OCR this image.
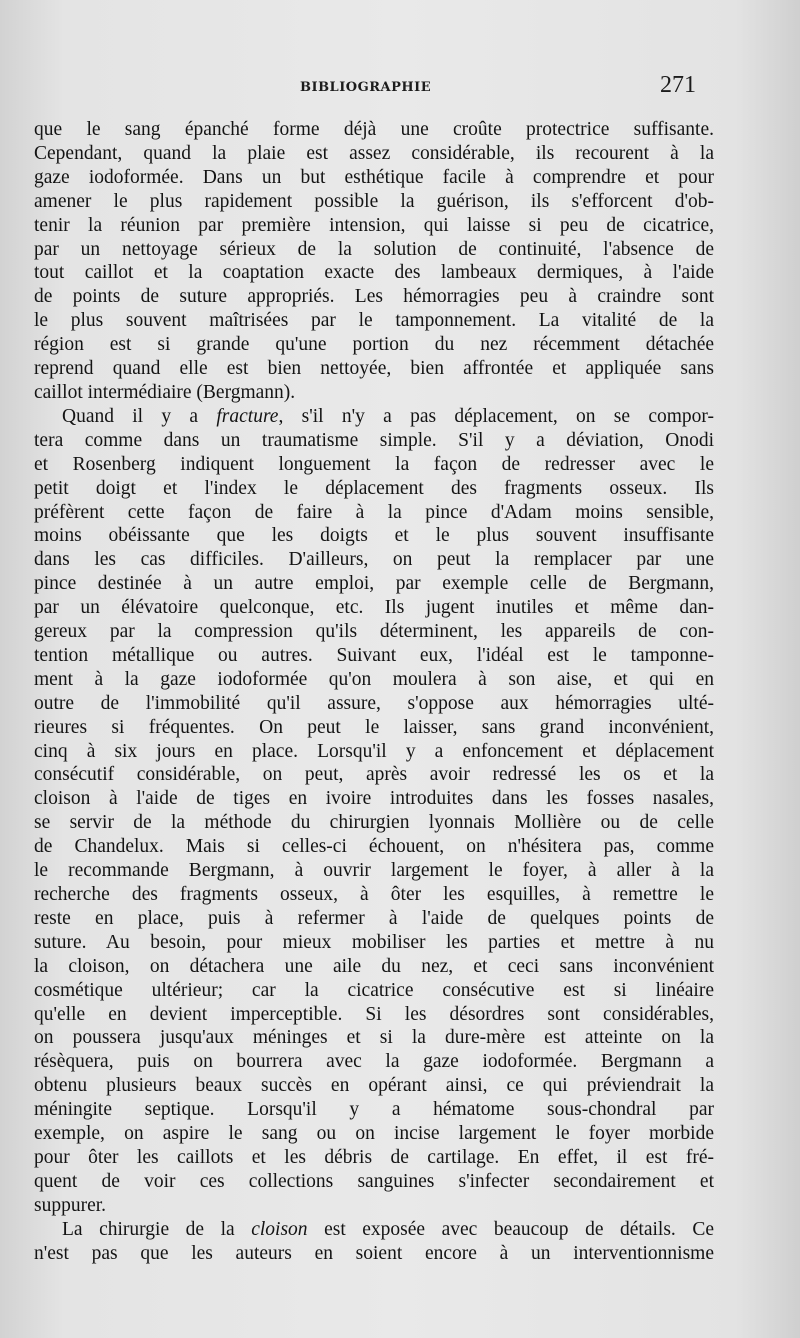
BIBLIOGRAPHIE	271
que le sang épanché forme déjà une croûte protectrice suffisante.
Cependant, quand la plaie est assez considérable, ils recourent à la
gaze iodoformée. Dans un but esthétique facile à comprendre et pour
amener le plus rapidement possible la guérison, ils s'efforcent d'ob-
tenir la réunion par première intension, qui laisse si peu de cicatrice,
par un nettoyage sérieux de la solution de continuité, l'absence de
tout caillot et la coaptation exacte des lambeaux dermiques, à l'aide
de points de suture appropriés. Les hémorragies peu à craindre sont
le plus souvent maîtrisées par le tamponnement. La vitalité de la
région est si grande qu'une portion du nez récemment détachée
reprend quand elle est bien nettoyée, bien affrontée et appliquée sans
caillot intermédiaire (Bergmann).
Quand il y a fracture, s'il n'y a pas déplacement, on se compor-
tera comme dans un traumatisme simple. S'il y a déviation, Onodi
et Rosenberg indiquent longuement la façon de redresser avec le
petit doigt et l'index le déplacement des fragments osseux. Ils
préfèrent cette façon de faire à la pince d'Adam moins sensible,
moins obéissante que les doigts et le plus souvent insuffisante
dans les cas difficiles. D'ailleurs, on peut la remplacer par une
pince destinée à un autre emploi, par exemple celle de Bergmann,
par un élévatoire quelconque, etc. Ils jugent inutiles et même dan-
gereux par la compression qu'ils déterminent, les appareils de con-
tention métallique ou autres. Suivant eux, l'idéal est le tamponne-
ment à la gaze iodoformée qu'on moulera à son aise, et qui en
outre de l'immobilité qu'il assure, s'oppose aux hémorragies ulté-
rieures si fréquentes. On peut le laisser, sans grand inconvénient,
cinq à six jours en place. Lorsqu'il y a enfoncement et déplacement
consécutif considérable, on peut, après avoir redressé les os et la
cloison à l'aide de tiges en ivoire introduites dans les fosses nasales,
se servir de la méthode du chirurgien lyonnais Mollière ou de celle
de Chandelux. Mais si celles-ci échouent, on n'hésitera pas, comme
le recommande Bergmann, à ouvrir largement le foyer, à aller à la
recherche des fragments osseux, à ôter les esquilles, à remettre le
reste en place, puis à refermer à l'aide de quelques points de
suture. Au besoin, pour mieux mobiliser les parties et mettre à nu
la cloison, on détachera une aile du nez, et ceci sans inconvénient
cosmétique ultérieur; car la cicatrice consécutive est si linéaire
qu'elle en devient imperceptible. Si les désordres sont considérables,
on poussera jusqu'aux méninges et si la dure-mère est atteinte on la
résèquera, puis on bourrera avec la gaze iodoformée. Bergmann a
obtenu plusieurs beaux succès en opérant ainsi, ce qui préviendrait la
méningite septique. Lorsqu'il y a hématome sous-chondral par
exemple, on aspire le sang ou on incise largement le foyer morbide
pour ôter les caillots et les débris de cartilage. En effet, il est fré-
quent de voir ces collections sanguines s'infecter secondairement et
suppurer.
La chirurgie de la cloison est exposée avec beaucoup de détails. Ce
n'est pas que les auteurs en soient encore à un interventionnisme
